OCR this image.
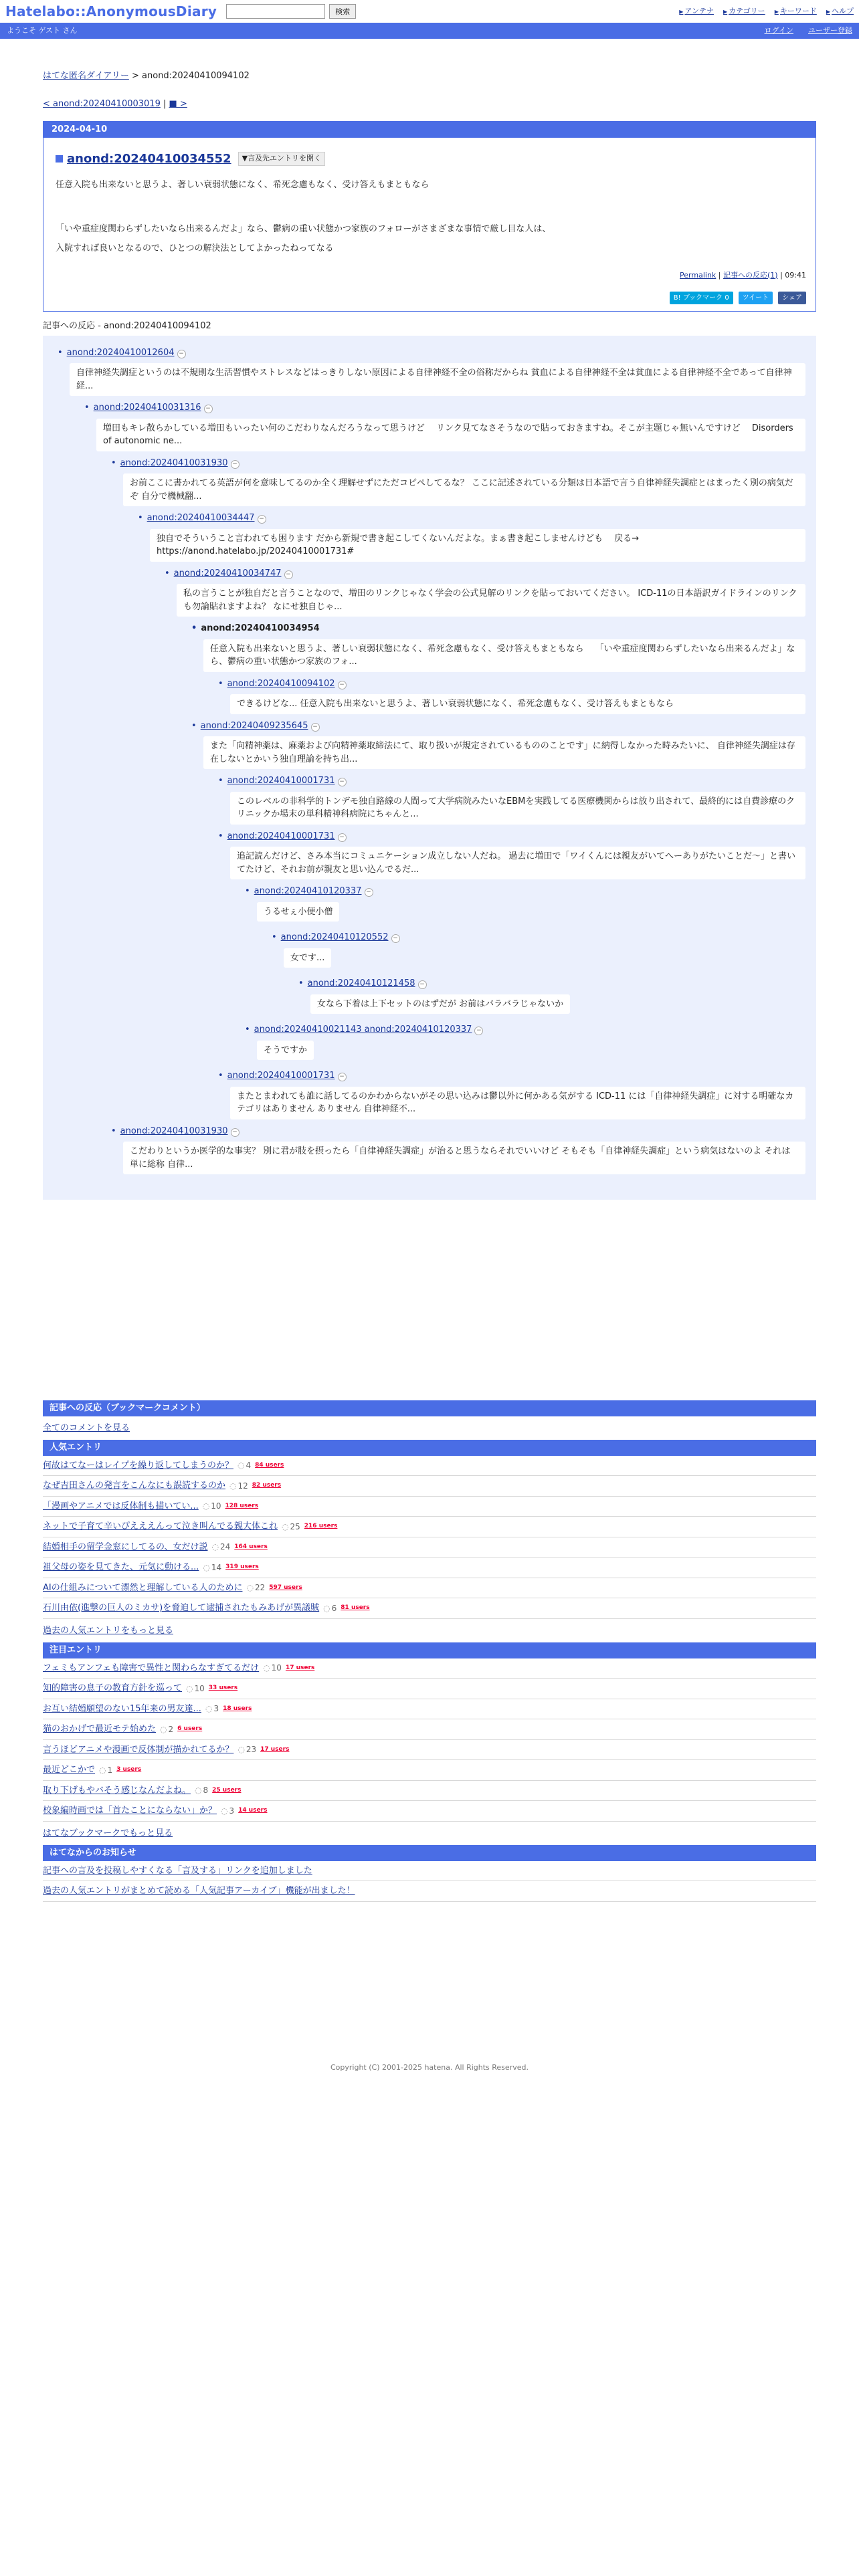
Hatelabo::AnonymousDiary	検索	▶ アンテナ	▶ カテゴリー	▶ キーワード	▶ ヘルプ
ようこそ ゲスト さん	ログイン ユーザー登録
はてな匿名ダイアリー > anond:20240410094102
< anond:20240410003019 | ■ >
2024-04-10
anond:20240410034552	▼言及先エントリを開く

任意入院も出来ないと思うよ、著しい衰弱状態になく、希死念慮もなく、受け答えもまともなら

「いや重症度関わらずしたいなら出来るんだよ」なら、鬱病の重い状態かつ家族のフォローがさまざまな事情で厳し目な人は、

入院すれば良いとなるので、ひとつの解決法としてよかったねってなる

Permalink | 記事への反応(1) | 09:41
B! ブックマーク 0	ツイート	シェア
記事への反応 - anond:20240410094102
• anond:20240410012604 −
自律神経失調症というのは不規則な生活習慣やストレスなどはっきりしない原因による自律神経不全の俗称だからね 貧血による自律神経不全は貧血による自律神経不全であって自律神経...
• anond:20240410031316 −
増田もキレ散らかしている増田もいったい何のこだわりなんだろうなって思うけど　 リンク見てなさそうなので貼っておきますね。そこが主題じゃ無いんですけど　 Disorders of autonomic ne...
• anond:20240410031930 −
お前ここに書かれてる英語が何を意味してるのか全く理解せずにただコピペしてるな？ ここに記述されている分類は日本語で言う自律神経失調症とはまったく別の病気だぞ 自分で機械翻...
• anond:20240410034447 −
独自でそういうこと言われても困ります だから新規で書き起こしてくないんだよな。まぁ書き起こしませんけども　 戻る→ https://anond.hatelabo.jp/20240410001731#
• anond:20240410034747 −
私の言うことが独自だと言うことなので、増田のリンクじゃなく学会の公式見解のリンクを貼っておいてください。 ICD-11の日本語訳ガイドラインのリンクも勿論貼れますよね？ なにせ独自じゃ...
• anond:20240410034954
任意入院も出来ないと思うよ、著しい衰弱状態になく、希死念慮もなく、受け答えもまともなら　 「いや重症度関わらずしたいなら出来るんだよ」なら、鬱病の重い状態かつ家族のフォ...
• anond:20240410094102 −
できるけどな... 任意入院も出来ないと思うよ、著しい衰弱状態になく、希死念慮もなく、受け答えもまともなら
• anond:20240409235645 −
また「向精神薬は、麻薬および向精神薬取締法にて、取り扱いが規定されているもののことです」に納得しなかった時みたいに、 自律神経失調症は存在しないとかいう独自理論を持ち出...
• anond:20240410001731 −
このレベルの非科学的トンデモ独自路線の人間って大学病院みたいなEBMを実践してる医療機関からは放り出されて、最終的には自費診療のクリニックか場末の単科精神科病院にちゃんと...
• anond:20240410001731 −
追記読んだけど、さみ本当にコミュニケーション成立しない人だね。 過去に増田で「ワイくんには親友がいてへーありがたいことだ〜」と書いてたけど、それお前が親友と思い込んでるだ...
• anond:20240410120337 −
うるせぇ小便小僧
• anond:20240410120552 −
女です...
• anond:20240410121458 −
女なら下着は上下セットのはずだが お前はバラバラじゃないか
• anond:20240410021143 anond:20240410120337 −
そうですか
• anond:20240410001731 −
またとまわれても誰に話してるのかわからないがその思い込みは鬱以外に何かある気がする ICD-11 には「自律神経失調症」に対する明確なカテゴリはありません ありません 自律神経不...
• anond:20240410031930 −
こだわりというか医学的な事実？ 別に君が肢を摂ったら「自律神経失調症」が治ると思うならそれでいいけど そもそも「自律神経失調症」という病気はないのよ それは単に総称 自律...
記事への反応（ブックマークコメント）
全てのコメントを見る
人気エントリ
何故はてなーはレイプを繰り返してしまうのか？	◌ 4 84 users
なぜ吉田さんの発言をこんなにも誤読するのか	◌ 12 82 users
「漫画やアニメでは反体制も描いてい...	◌ 10 128 users
ネットで子育て辛いぴえええんって泣き叫んでる親大体これ	◌ 25 216 users
結婚相手の留学金窓にしてるの、女だけ説	◌ 24 164 users
祖父母の姿を見てきた、元気に動ける...	◌ 14 319 users
AIの仕組みについて漂然と理解している人のために	◌ 22 597 users
石川由依(進撃の巨人のミカサ)を脅迫して逮捕されたもみあげが異議賊	◌ 6 81 users
過去の人気エントリをもっと見る
注目エントリ
フェミもアンフェも障害で異性と関わらなすぎてるだけ	◌ 10 17 users
知的障害の息子の教育方針を巡って	◌ 10 33 users
お互い結婚願望のない15年来の男友達...	◌ 3 18 users
猫のおかげで最近モテ始めた	◌ 2 6 users
言うほどアニメや漫画で反体制が描かれてるか？	◌ 23 17 users
最近どこかで	◌ 1 3 users
取り下げもやバそう感じなんだよね。	◌ 8 25 users
校象編時画では「首たことにならない」か？	◌ 3 14 users
はてなブックマークでもっと見る
はてなからのお知らせ
記事への言及を投稿しやすくなる「言及する」リンクを追加しました
過去の人気エントリがまとめて読める「人気記事アーカイブ」機能が出ました！
Copyright (C) 2001-2025 hatena. All Rights Reserved.
